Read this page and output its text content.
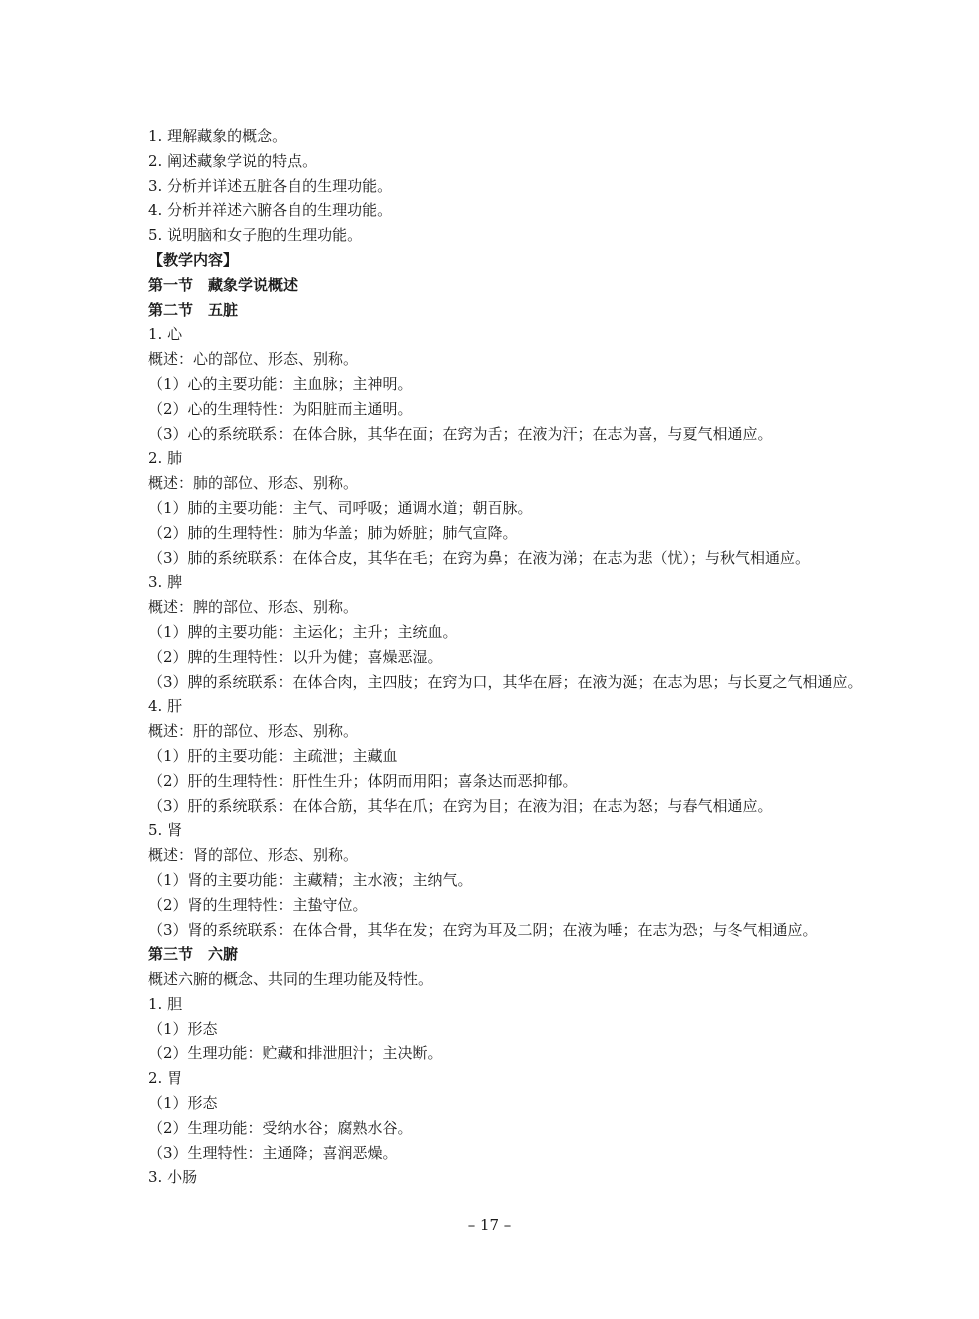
1. 理解藏象的概念。
2. 阐述藏象学说的特点。
3. 分析并详述五脏各自的生理功能。
4. 分析并祥述六腑各自的生理功能。
5. 说明脑和女子胞的生理功能。
【教学内容】
第一节　藏象学说概述
第二节　五脏
1. 心
概述：心的部位、形态、别称。
（1）心的主要功能：主血脉；主神明。
（2）心的生理特性：为阳脏而主通明。
（3）心的系统联系：在体合脉，其华在面；在窍为舌；在液为汗；在志为喜，与夏气相通应。
2. 肺
概述：肺的部位、形态、别称。
（1）肺的主要功能：主气、司呼吸；通调水道；朝百脉。
（2）肺的生理特性：肺为华盖；肺为娇脏；肺气宣降。
（3）肺的系统联系：在体合皮，其华在毛；在窍为鼻；在液为涕；在志为悲（忧）；与秋气相通应。
3. 脾
概述：脾的部位、形态、别称。
（1）脾的主要功能：主运化；主升；主统血。
（2）脾的生理特性：以升为健；喜燥恶湿。
（3）脾的系统联系：在体合肉，主四肢；在窍为口，其华在唇；在液为涎；在志为思；与长夏之气相通应。
4. 肝
概述：肝的部位、形态、别称。
（1）肝的主要功能：主疏泄；主藏血
（2）肝的生理特性：肝性生升；体阴而用阳；喜条达而恶抑郁。
（3）肝的系统联系：在体合筋，其华在爪；在窍为目；在液为泪；在志为怒；与春气相通应。
5. 肾
概述：肾的部位、形态、别称。
（1）肾的主要功能：主藏精；主水液；主纳气。
（2）肾的生理特性：主蛰守位。
（3）肾的系统联系：在体合骨，其华在发；在窍为耳及二阴；在液为唾；在志为恐；与冬气相通应。
第三节　六腑
概述六腑的概念、共同的生理功能及特性。
1. 胆
（1）形态
（2）生理功能：贮藏和排泄胆汁；主决断。
2. 胃
（1）形态
（2）生理功能：受纳水谷；腐熟水谷。
（3）生理特性：主通降；喜润恶燥。
3. 小肠
– 17 –
